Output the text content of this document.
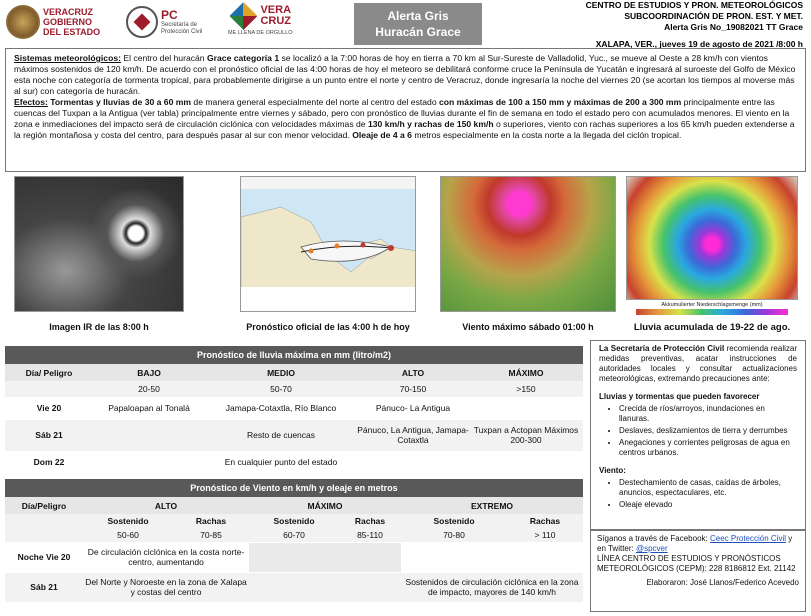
VERACRUZ
GOBIERNO
DEL ESTADO
PC
Secretaría de
Protección Civil
VERA
CRUZ
ME LLENA DE ORGULLO
Alerta Gris
Huracán Grace
CENTRO DE ESTUDIOS Y PRON. METEOROLÓGICOS
SUBCOORDINACIÓN DE PRON. EST. Y MET.
Alerta Gris No_19082021 TT Grace
XALAPA, VER., jueves 19 de agosto de 2021 /8:00 h

Sistemas meteorológicos: El centro del huracán Grace categoría 1 se localizó a la 7:00 horas de hoy en tierra a 70 km al Sur-Sureste de Valladolid, Yuc., se mueve al Oeste a 28 km/h con vientos máximos sostenidos de 120 km/h. De acuerdo con el pronóstico oficial de las 4:00 horas de hoy el meteoro se debilitará conforme cruce la Península de Yucatán e ingresará al suroeste del Golfo de México esta noche con categoría de tormenta tropical, para probablemente dirigirse a un punto entre el norte y centro de Veracruz, donde ingresaría la noche del viernes 20 (se acortan los tiempos al moverse más al sur) con categoría de huracán.

Efectos: Tormentas y lluvias de 30 a 60 mm de manera general especialmente del norte al centro del estado con máximas de 100 a 150 mm y máximas de 200 a 300 mm principalmente entre las cuencas del Tuxpan a la Antigua (ver tabla) principalmente entre viernes y sábado, pero con pronóstico de lluvias durante el fin de semana en todo el estado pero con acumulados menores. El viento en la zona e inmediaciones del impacto será de circulación ciclónica con velocidades máximas de 130 km/h y rachas de 150 km/h o superiores, viento con rachas superiores a los 65 km/h pueden extenderse a la región montañosa y costa del centro, para después pasar al sur con menor velocidad. Oleaje de 4 a 6 metros especialmente en la costa norte a la llegada del ciclón tropical.

Imagen IR de las 8:00 h	Pronóstico oficial de las 4:00 h de hoy	Viento máximo sábado 01:00 h
Akkumulierter Niederschlagsmenge (mm)
Lluvia acumulada de 19-22 de ago.
Pronóstico de lluvia máxima en mm (litro/m2)				
Día/ Peligro	BAJO	MEDIO	ALTO	MÁXIMO
	20-50	50-70	70-150	>150
Vie 20	Papaloapan al Tonalá	Jamapa-Cotaxtla, Río Blanco	Pánuco- La Antigua	
Sáb 21		Resto de cuencas	Pánuco, La Antigua, Jamapa-Cotaxtla	Tuxpan a Actopan Máximos 200-300
Dom 22		En cualquier punto del estado		
Pronóstico de Viento en km/h y oleaje en metros						
Día/Peligro	ALTO		MÁXIMO		EXTREMO	
	Sostenido	Rachas	Sostenido	Rachas	Sostenido	Rachas
	50-60	70-85	60-70	85-110	70-80	> 110
Noche Vie 20	De circulación ciclónica en la costa norte-centro, aumentando					
Sáb 21	Del Norte y Noroeste en la zona de Xalapa y costas del centro				Sostenidos de circulación ciclónica en la zona de impacto, mayores de 140 km/h	

La Secretaría de Protección Civil recomienda realizar medidas preventivas, acatar instrucciones de autoridades locales y consultar actualizaciones meteorológicas, extremando precauciones ante:

Lluvias y tormentas que pueden favorecer
• Crecida de ríos/arroyos, inundaciones en llanuras.
• Deslaves, deslizamientos de tierra y derrumbes
• Anegaciones y corrientes peligrosas de agua en centros urbanos.
Viento:
• Destechamiento de casas, caídas de árboles, anuncios, espectaculares, etc.
• Oleaje elevado
Síganos a través de Facebook: Ceec Protección Civil y en Twitter: @spcver
LÍNEA CENTRO DE ESTUDIOS Y PRONÓSTICOS METEOROLÓGICOS (CEPM): 228 8186812 Ext. 21142
Elaboraron: José Llanos/Federico Acevedo
